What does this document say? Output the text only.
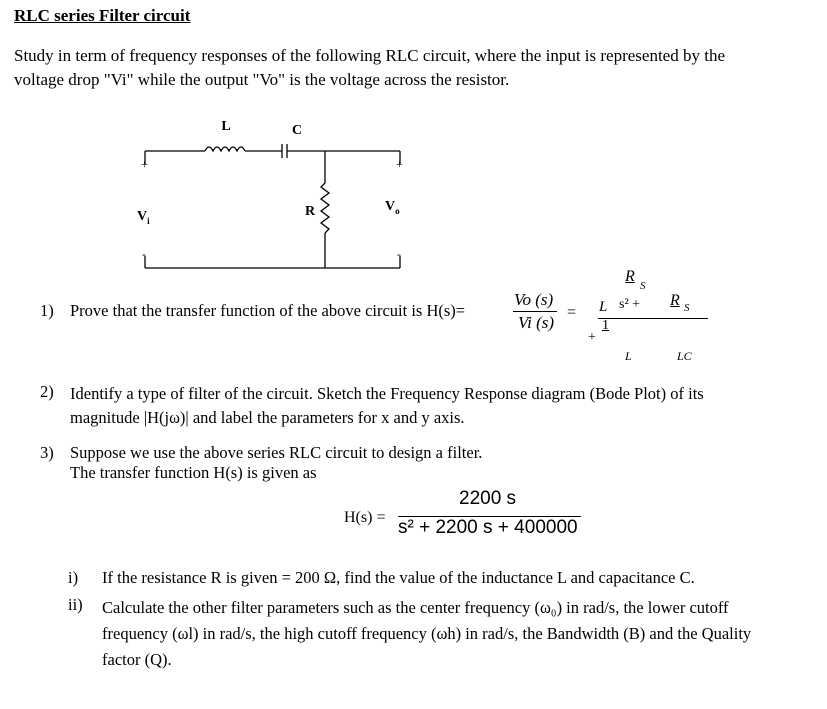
RLC series Filter circuit
Study in term of frequency responses of the following RLC circuit, where the input is represented by the
voltage drop "Vi" while the output "Vo" is the voltage across the resistor.
L	C
R
+	+
-	-
$V_i$
$V_o$
1) Prove that the transfer function of the above circuit is H(s)=
Vo (s)
Vi (s)
=
R
S
L s² + R S
+
1
L	LC
2) Identify a type of filter of the circuit. Sketch the Frequency Response diagram (Bode Plot) of its
magnitude |H(jω)| and label the parameters for x and y axis.
3) Suppose we use the above series RLC circuit to design a filter.
The transfer function H(s) is given as
H(s) =
2200 s
s² + 2200 s + 400000
i) If the resistance R is given = 200 Ω, find the value of the inductance L and capacitance C.
ii) Calculate the other filter parameters such as the center frequency (ω₀) in rad/s, the lower cutoff
frequency (ωl) in rad/s, the high cutoff frequency (ωh) in rad/s, the Bandwidth (B) and the Quality
factor (Q).
